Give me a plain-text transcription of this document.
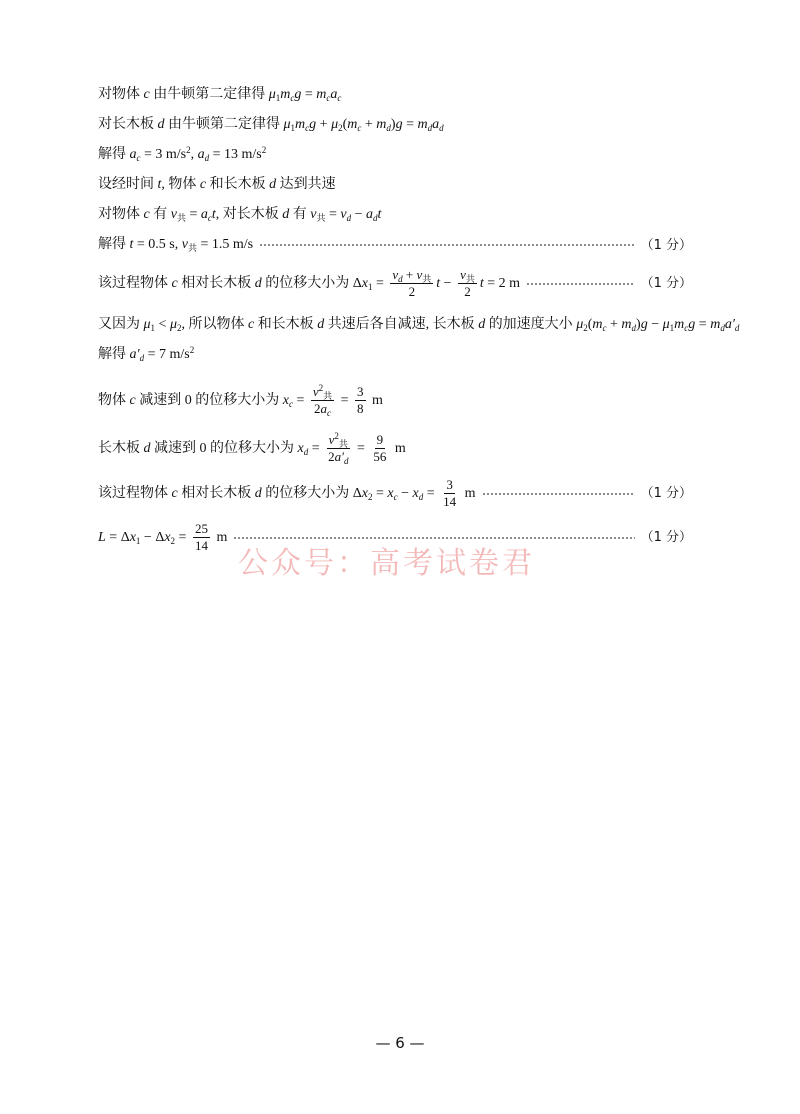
对物体 c 由牛顿第二定律得 $\mu_1m_cg = m_ca_c$
对长木板 d 由牛顿第二定律得 $\mu_1m_cg + \mu_2(m_c + m_d)g = m_da_d$
解得 $a_c = 3$ $m/s^2$, $a_d = 13$ $m/s^2$
设经时间 t, 物体 c 和长木板 d 达到共速
对物体 c 有 $v_共 = a_ct$, 对长木板 d 有 $v_共 = v_d - a_dt$
解得 t = 0.5 s, $v_共 = 1.5$ m/s	（1 分）
该过程物体 c 相对长木板 d 的位移大小为 $\Delta x_1 = \frac{v_d + v_共}{2}$ $t - \frac{v_共}{2}$ t = 2 m	（1 分）
又因为 $\mu_1 < \mu_2$, 所以物体 c 和长木板 d 共速后各自减速, 长木板 d 的加速度大小 $\mu_2(m_c + m_d)g - \mu_1m_cg = m_da'_d$
解得 $a'_d = 7$ $m/s^2$
物体 c 减速到 0 的位移大小为 $x_c = \frac{v^2_共}{2a_c} = \frac{3}{8}$ m
长木板 d 减速到 0 的位移大小为 $x_d = \frac{v^2_共}{2a'_d} = \frac{9}{56}$ m
该过程物体 c 相对长木板 d 的位移大小为 $\Delta x_2 = x_c - x_d = \frac{3}{14}$ m	（1 分）
$L = \Delta x_1 - \Delta x_2 = \frac{25}{14}$ m	（1 分）
公众号：高考试卷君
— 6 —
